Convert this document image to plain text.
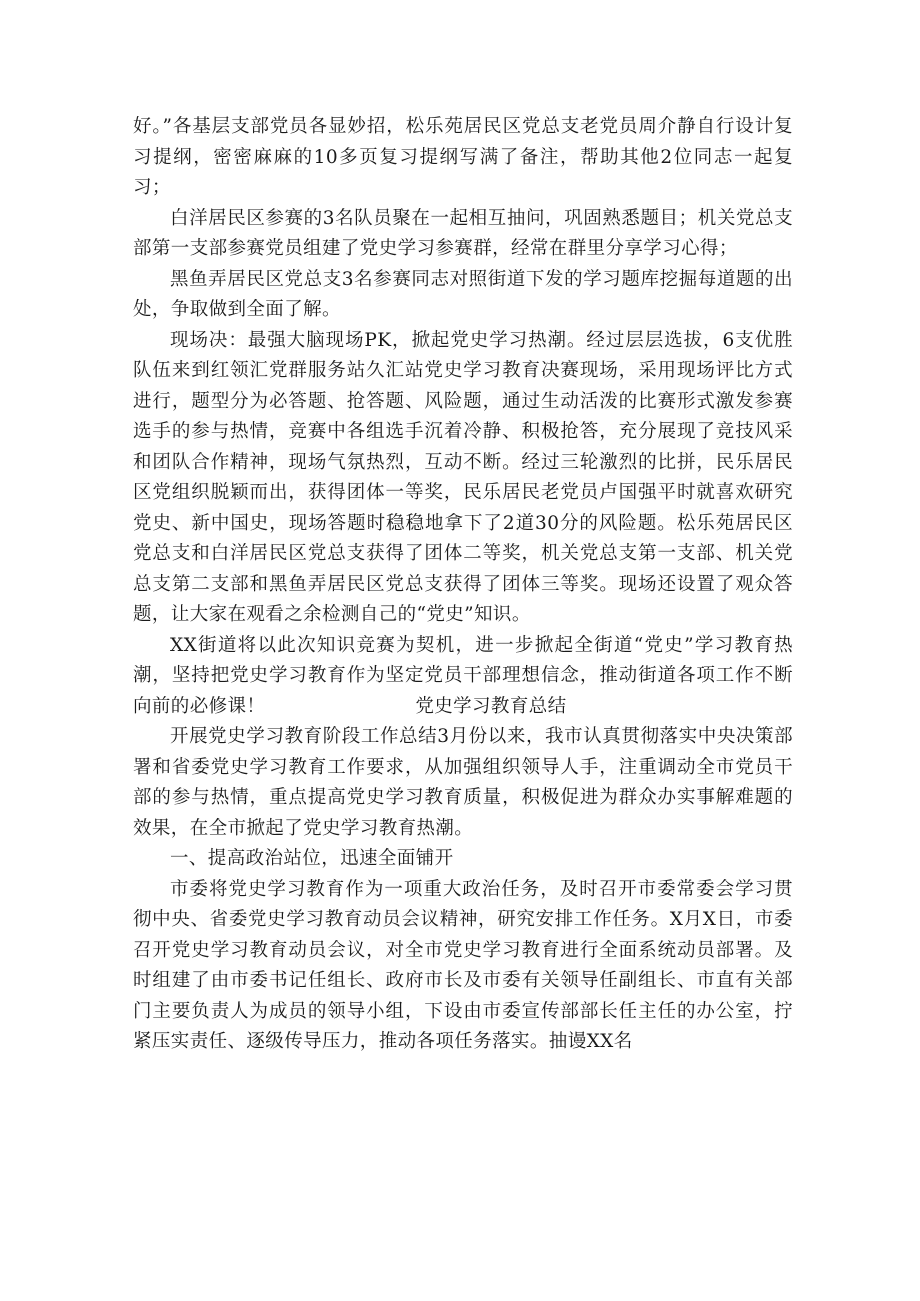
好。”各基层支部党员各显妙招，松乐苑居民区党总支老党员周介静自行设计复习提纲，密密麻麻的10多页复习提纲写满了备注，帮助其他2位同志一起复习；

白洋居民区参赛的3名队员聚在一起相互抽问，巩固熟悉题目；机关党总支部第一支部参赛党员组建了党史学习参赛群，经常在群里分享学习心得；

黑鱼弄居民区党总支3名参赛同志对照街道下发的学习题库挖掘每道题的出处，争取做到全面了解。

现场决：最强大脑现场PK，掀起党史学习热潮。经过层层选拔，6支优胜队伍来到红领汇党群服务站久汇站党史学习教育决赛现场，采用现场评比方式进行，题型分为必答题、抢答题、风险题，通过生动活泼的比赛形式激发参赛选手的参与热情，竞赛中各组选手沉着冷静、积极抢答，充分展现了竞技风采和团队合作精神，现场气氛热烈，互动不断。经过三轮激烈的比拼，民乐居民区党组织脱颖而出，获得团体一等奖，民乐居民老党员卢国强平时就喜欢研究党史、新中国史，现场答题时稳稳地拿下了2道30分的风险题。松乐苑居民区党总支和白洋居民区党总支获得了团体二等奖，机关党总支第一支部、机关党总支第二支部和黑鱼弄居民区党总支获得了团体三等奖。现场还设置了观众答题，让大家在观看之余检测自己的“党史”知识。

XX街道将以此次知识竞赛为契机，进一步掀起全街道“党史”学习教育热潮，坚持把党史学习教育作为坚定党员干部理想信念，推动街道各项工作不断向前的必修课！	党史学习教育总结

开展党史学习教育阶段工作总结3月份以来，我市认真贯彻落实中央决策部署和省委党史学习教育工作要求，从加强组织领导人手，注重调动全市党员干部的参与热情，重点提高党史学习教育质量，积极促进为群众办实事解难题的效果，在全市掀起了党史学习教育热潮。

一、提高政治站位，迅速全面铺开

市委将党史学习教育作为一项重大政治任务，及时召开市委常委会学习贯彻中央、省委党史学习教育动员会议精神，研究安排工作任务。X月X日，市委召开党史学习教育动员会议，对全市党史学习教育进行全面系统动员部署。及时组建了由市委书记任组长、政府市长及市委有关领导任副组长、市直有关部门主要负责人为成员的领导小组，下设由市委宣传部部长任主任的办公室，拧紧压实责任、逐级传导压力，推动各项任务落实。抽谩XX名
